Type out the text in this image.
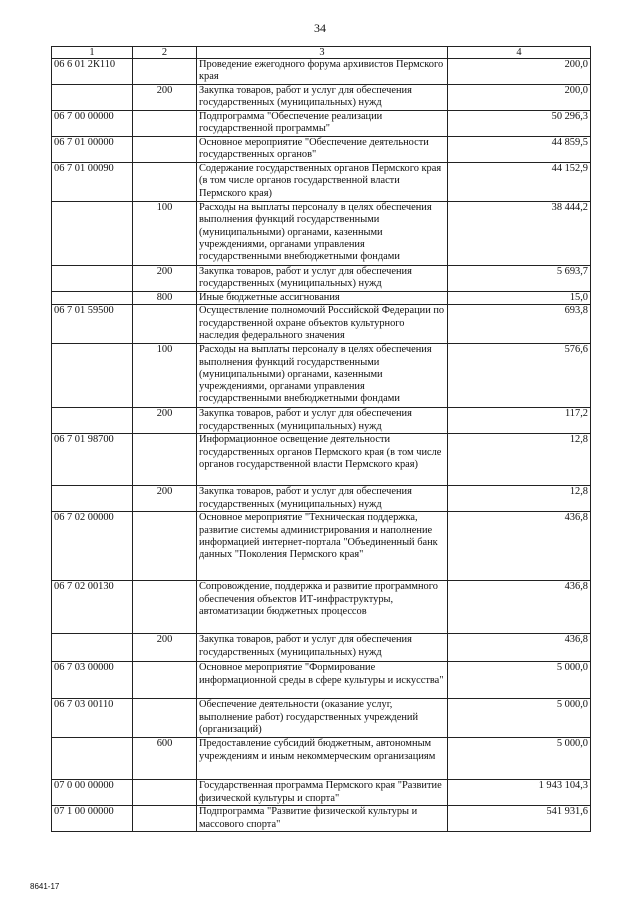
34
1	2	3	4
06 6 01 2К110		Проведение ежегодного форума архивистов Пермского края	200,0
	200	Закупка товаров, работ и услуг для обеспечения государственных (муниципальных) нужд	200,0
06 7 00 00000		Подпрограмма "Обеспечение реализации государственной программы"	50 296,3
06 7 01 00000		Основное мероприятие "Обеспечение деятельности государственных органов"	44 859,5
06 7 01 00090		Содержание государственных органов Пермского края (в том числе органов государственной власти Пермского края)	44 152,9
	100	Расходы на выплаты персоналу в целях обеспечения выполнения функций государственными (муниципальными) органами, казенными учреждениями, органами управления государственными внебюджетными фондами	38 444,2
	200	Закупка товаров, работ и услуг для обеспечения государственных (муниципальных) нужд	5 693,7
	800	Иные бюджетные ассигнования	15,0
06 7 01 59500		Осуществление полномочий Российской Федерации по государственной охране объектов культурного наследия федерального значения	693,8
	100	Расходы на выплаты персоналу в целях обеспечения выполнения функций государственными (муниципальными) органами, казенными учреждениями, органами управления государственными внебюджетными фондами	576,6
	200	Закупка товаров, работ и услуг для обеспечения государственных (муниципальных) нужд	117,2
06 7 01 98700		Информационное освещение деятельности государственных органов Пермского края (в том числе органов государственной власти Пермского края)	12,8
	200	Закупка товаров, работ и услуг для обеспечения государственных (муниципальных) нужд	12,8
06 7 02 00000		Основное мероприятие "Техническая поддержка, развитие системы администрирования и наполнение информацией интернет-портала "Объединенный банк данных "Поколения Пермского края"	436,8
06 7 02 00130		Сопровождение, поддержка и развитие программного обеспечения объектов ИТ-инфраструктуры, автоматизации бюджетных процессов	436,8
	200	Закупка товаров, работ и услуг для обеспечения государственных (муниципальных) нужд	436,8
06 7 03 00000		Основное мероприятие "Формирование информационной среды в сфере культуры и искусства"	5 000,0
06 7 03 00110		Обеспечение деятельности (оказание услуг, выполнение работ) государственных учреждений (организаций)	5 000,0
	600	Предоставление субсидий бюджетным, автономным учреждениям и иным некоммерческим организациям	5 000,0
07 0 00 00000		Государственная программа Пермского края "Развитие физической культуры и спорта"	1 943 104,3
07 1 00 00000		Подпрограмма "Развитие физической культуры и массового спорта"	541 931,6
8641-17
